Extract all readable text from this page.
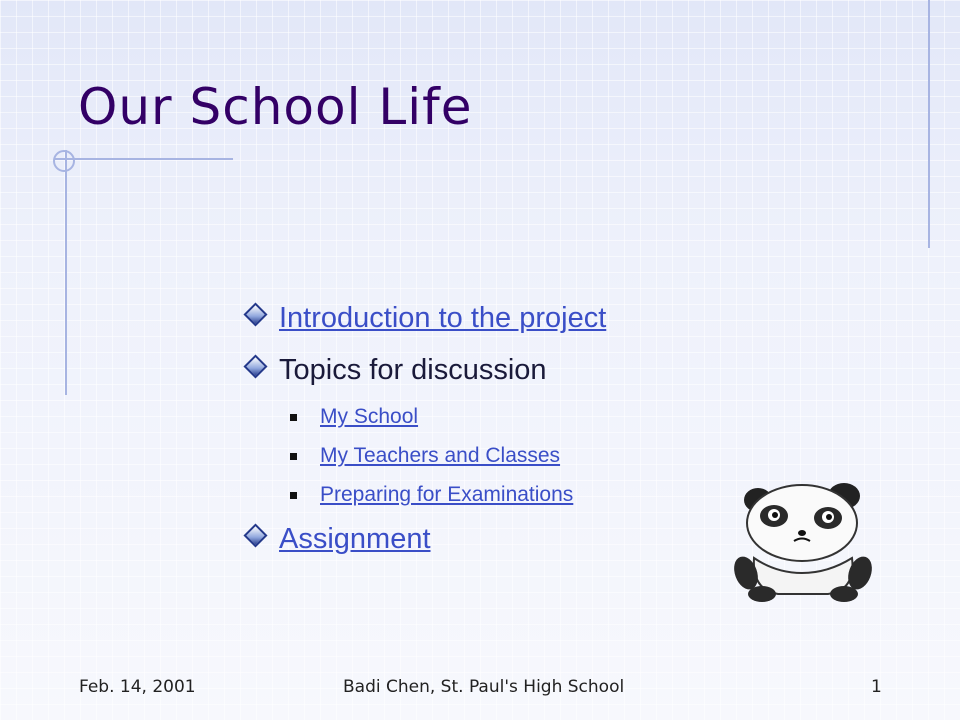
Our School Life
Introduction to the project
Topics for discussion
My School
My Teachers and Classes
Preparing for Examinations
Assignment
Feb. 14, 2001	Badi Chen, St. Paul's High School	1
